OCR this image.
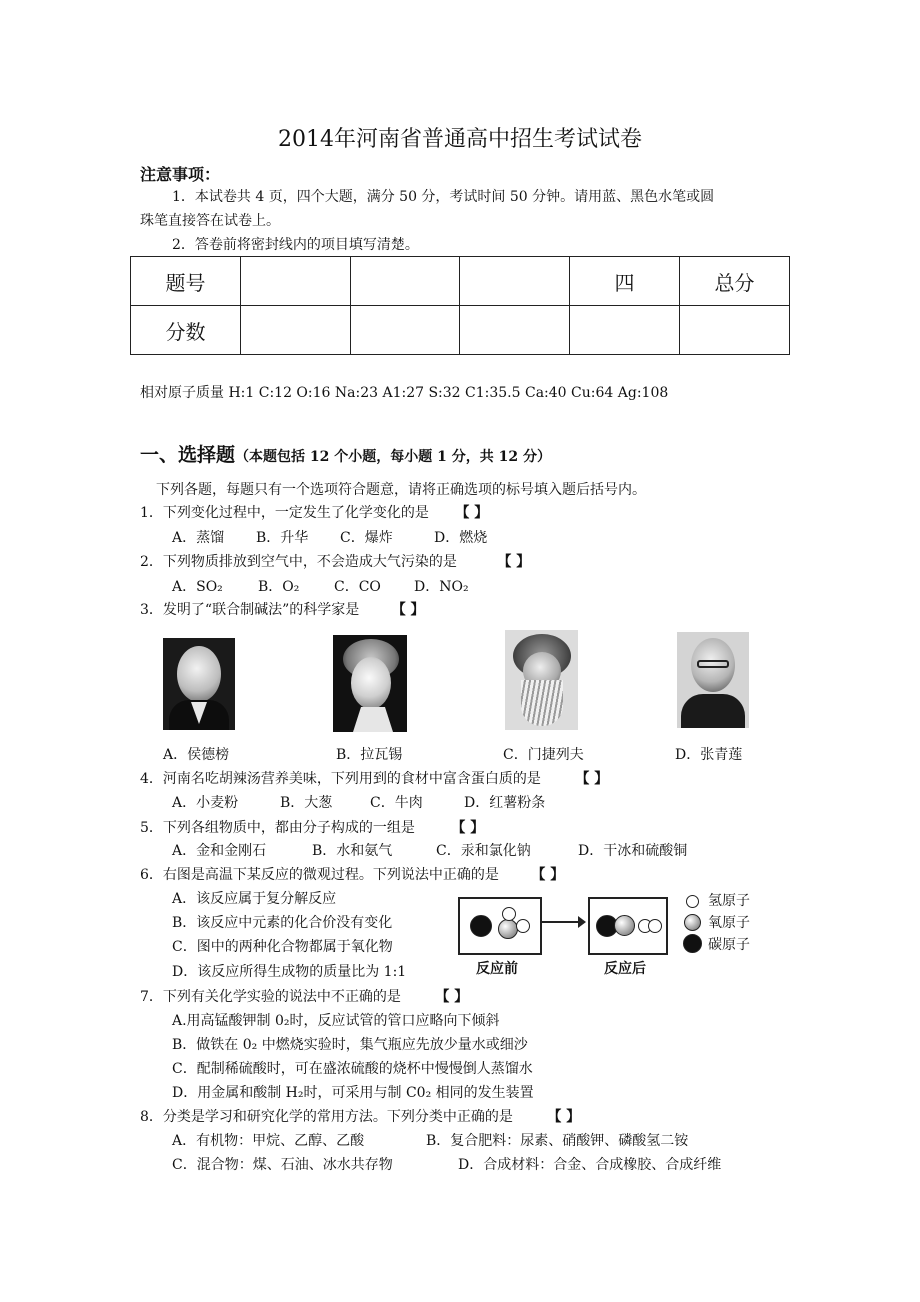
2014年河南省普通高中招生考试试卷
注意事项：
1．本试卷共 4 页，四个大题，满分 50 分，考试时间 50 分钟。请用蓝、黑色水笔或圆
珠笔直接答在试卷上。
2．答卷前将密封线内的项目填写清楚。
题号				四	总分
分数					
相对原子质量 H:1 C:12 O:16 Na:23 A1:27 S:32 C1:35.5 Ca:40 Cu:64 Ag:108
一、选择题（本题包括 12 个小题，每小题 1 分，共 12 分）
下列各题，每题只有一个选项符合题意，请将正确选项的标号填入题后括号内。
1．下列变化过程中，一定发生了化学变化的是 【 】
A．蒸馏 B．升华 C．爆炸	D．燃烧
2．下列物质排放到空气中，不会造成大气污染的是	【 】
A．SO₂	B．O₂ C．CO D．NO₂
3．发明了“联合制碱法”的科学家是 【 】
A．侯德榜	B．拉瓦锡	C．门捷列夫	D．张青莲
4．河南名吃胡辣汤营养美味，下列用到的食材中富含蛋白质的是 【 】
A．小麦粉	B．大葱	C．牛肉	D．红薯粉条
5．下列各组物质中，都由分子构成的一组是	【 】
A．金和金刚石	B．水和氨气	C．汞和氯化钠	D．干冰和硫酸铜
6．右图是高温下某反应的微观过程。下列说法中正确的是 【 】
A．该反应属于复分解反应
B．该反应中元素的化合价没有变化
C．图中的两种化合物都属于氧化物
D．该反应所得生成物的质量比为 1:1	反应前	反应后
氢原子
氧原子
碳原子
7．下列有关化学实验的说法中不正确的是 【 】
A.用高锰酸钾制 0₂时，反应试管的管口应略向下倾斜
B．做铁在 0₂ 中燃烧实验时，集气瓶应先放少量水或细沙
C．配制稀硫酸时，可在盛浓硫酸的烧杯中慢慢倒人蒸馏水
D．用金属和酸制 H₂时，可采用与制 C0₂ 相同的发生装置
8．分类是学习和研究化学的常用方法。下列分类中正确的是 【 】
A．有机物：甲烷、乙醇、乙酸	B．复合肥料：尿素、硝酸钾、磷酸氢二铵
C．混合物：煤、石油、冰水共存物	D．合成材料：合金、合成橡胶、合成纤维
